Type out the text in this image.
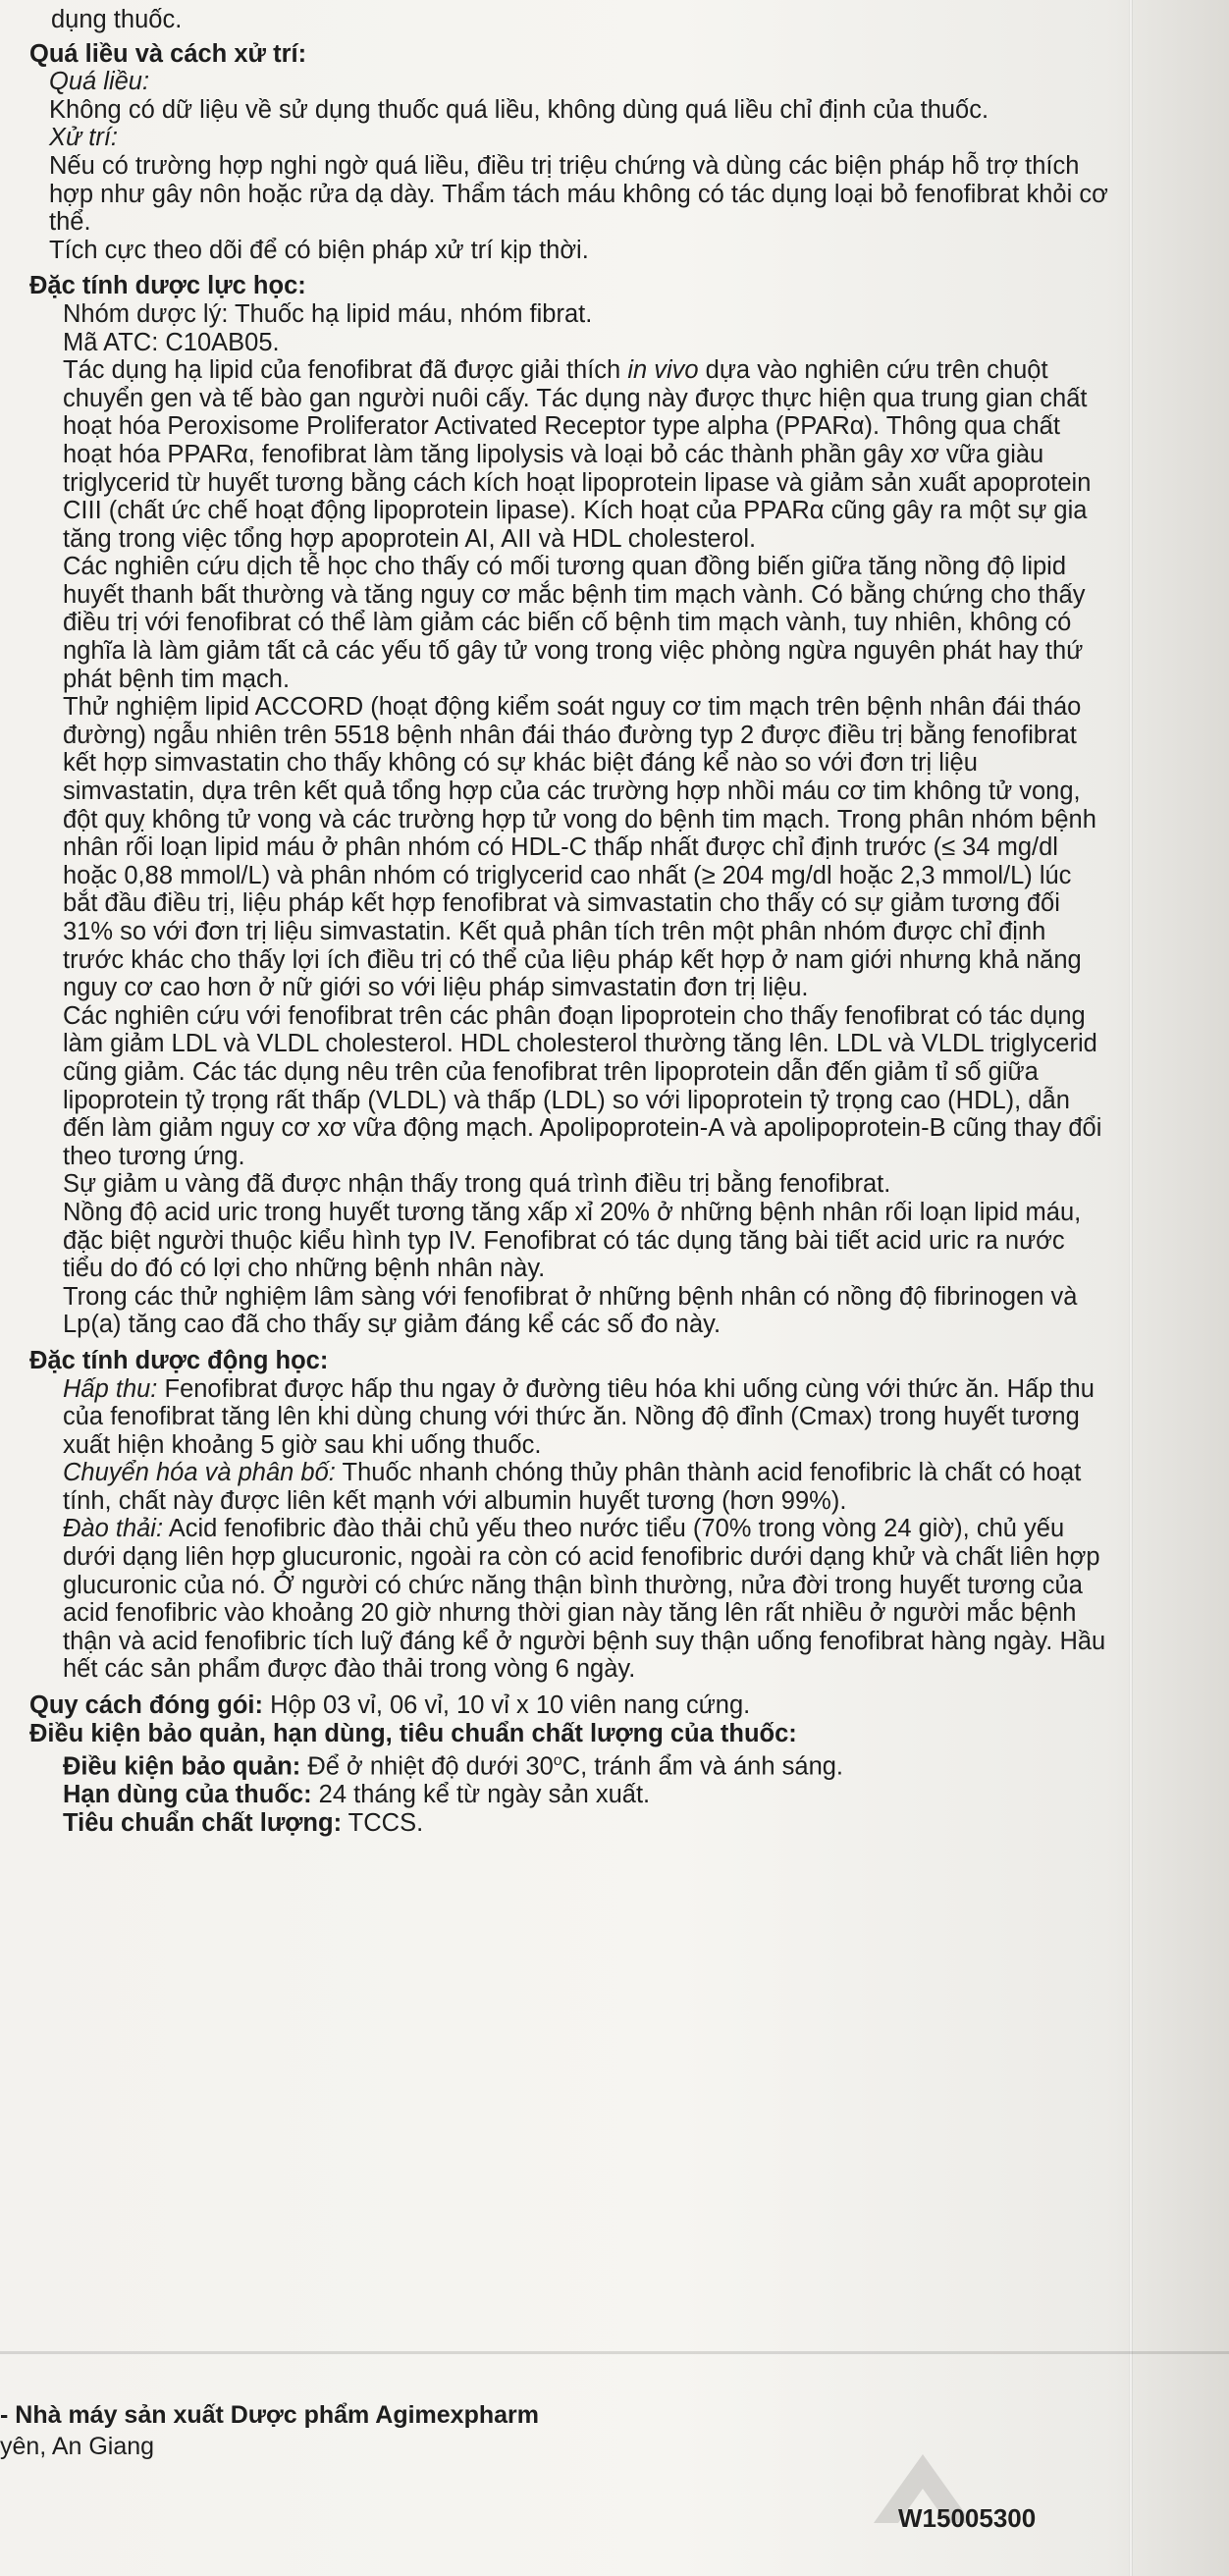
dụng thuốc.

Quá liều và cách xử trí:

Quá liều:

Không có dữ liệu về sử dụng thuốc quá liều, không dùng quá liều chỉ định của thuốc.

Xử trí:

Nếu có trường hợp nghi ngờ quá liều, điều trị triệu chứng và dùng các biện pháp hỗ trợ thích hợp như gây nôn hoặc rửa dạ dày. Thẩm tách máu không có tác dụng loại bỏ fenofibrat khỏi cơ thể.

Tích cực theo dõi để có biện pháp xử trí kịp thời.

Đặc tính dược lực học:

Nhóm dược lý: Thuốc hạ lipid máu, nhóm fibrat.

Mã ATC: C10AB05.

Tác dụng hạ lipid của fenofibrat đã được giải thích in vivo dựa vào nghiên cứu trên chuột chuyển gen và tế bào gan người nuôi cấy. Tác dụng này được thực hiện qua trung gian chất hoạt hóa Peroxisome Proliferator Activated Receptor type alpha (PPARα). Thông qua chất hoạt hóa PPARα, fenofibrat làm tăng lipolysis và loại bỏ các thành phần gây xơ vữa giàu triglycerid từ huyết tương bằng cách kích hoạt lipoprotein lipase và giảm sản xuất apoprotein CIII (chất ức chế hoạt động lipoprotein lipase). Kích hoạt của PPARα cũng gây ra một sự gia tăng trong việc tổng hợp apoprotein AI, AII và HDL cholesterol.

Các nghiên cứu dịch tễ học cho thấy có mối tương quan đồng biến giữa tăng nồng độ lipid huyết thanh bất thường và tăng nguy cơ mắc bệnh tim mạch vành. Có bằng chứng cho thấy điều trị với fenofibrat có thể làm giảm các biến cố bệnh tim mạch vành, tuy nhiên, không có nghĩa là làm giảm tất cả các yếu tố gây tử vong trong việc phòng ngừa nguyên phát hay thứ phát bệnh tim mạch.

Thử nghiệm lipid ACCORD (hoạt động kiểm soát nguy cơ tim mạch trên bệnh nhân đái tháo đường) ngẫu nhiên trên 5518 bệnh nhân đái tháo đường typ 2 được điều trị bằng fenofibrat kết hợp simvastatin cho thấy không có sự khác biệt đáng kể nào so với đơn trị liệu simvastatin, dựa trên kết quả tổng hợp của các trường hợp nhồi máu cơ tim không tử vong, đột quỵ không tử vong và các trường hợp tử vong do bệnh tim mạch. Trong phân nhóm bệnh nhân rối loạn lipid máu ở phân nhóm có HDL-C thấp nhất được chỉ định trước (≤ 34 mg/dl hoặc 0,88 mmol/L) và phân nhóm có triglycerid cao nhất (≥ 204 mg/dl hoặc 2,3 mmol/L) lúc bắt đầu điều trị, liệu pháp kết hợp fenofibrat và simvastatin cho thấy có sự giảm tương đối 31% so với đơn trị liệu simvastatin. Kết quả phân tích trên một phân nhóm được chỉ định trước khác cho thấy lợi ích điều trị có thể của liệu pháp kết hợp ở nam giới nhưng khả năng nguy cơ cao hơn ở nữ giới so với liệu pháp simvastatin đơn trị liệu.

Các nghiên cứu với fenofibrat trên các phân đoạn lipoprotein cho thấy fenofibrat có tác dụng làm giảm LDL và VLDL cholesterol. HDL cholesterol thường tăng lên. LDL và VLDL triglycerid cũng giảm. Các tác dụng nêu trên của fenofibrat trên lipoprotein dẫn đến giảm tỉ số giữa lipoprotein tỷ trọng rất thấp (VLDL) và thấp (LDL) so với lipoprotein tỷ trọng cao (HDL), dẫn đến làm giảm nguy cơ xơ vữa động mạch. Apolipoprotein-A và apolipoprotein-B cũng thay đổi theo tương ứng.

Sự giảm u vàng đã được nhận thấy trong quá trình điều trị bằng fenofibrat.

Nồng độ acid uric trong huyết tương tăng xấp xỉ 20% ở những bệnh nhân rối loạn lipid máu, đặc biệt người thuộc kiểu hình typ IV. Fenofibrat có tác dụng tăng bài tiết acid uric ra nước tiểu do đó có lợi cho những bệnh nhân này.

Trong các thử nghiệm lâm sàng với fenofibrat ở những bệnh nhân có nồng độ fibrinogen và Lp(a) tăng cao đã cho thấy sự giảm đáng kể các số đo này.

Đặc tính dược động học:

Hấp thu: Fenofibrat được hấp thu ngay ở đường tiêu hóa khi uống cùng với thức ăn. Hấp thu của fenofibrat tăng lên khi dùng chung với thức ăn. Nồng độ đỉnh (Cmax) trong huyết tương xuất hiện khoảng 5 giờ sau khi uống thuốc.

Chuyển hóa và phân bố: Thuốc nhanh chóng thủy phân thành acid fenofibric là chất có hoạt tính, chất này được liên kết mạnh với albumin huyết tương (hơn 99%).

Đào thải: Acid fenofibric đào thải chủ yếu theo nước tiểu (70% trong vòng 24 giờ), chủ yếu dưới dạng liên hợp glucuronic, ngoài ra còn có acid fenofibric dưới dạng khử và chất liên hợp glucuronic của nó. Ở người có chức năng thận bình thường, nửa đời trong huyết tương của acid fenofibric vào khoảng 20 giờ nhưng thời gian này tăng lên rất nhiều ở người mắc bệnh thận và acid fenofibric tích luỹ đáng kể ở người bệnh suy thận uống fenofibrat hàng ngày. Hầu hết các sản phẩm được đào thải trong vòng 6 ngày.

Quy cách đóng gói: Hộp 03 vỉ, 06 vỉ, 10 vỉ x 10 viên nang cứng.

Điều kiện bảo quản, hạn dùng, tiêu chuẩn chất lượng của thuốc:

Điều kiện bảo quản: Để ở nhiệt độ dưới 30$^o$C, tránh ẩm và ánh sáng.

Hạn dùng của thuốc: 24 tháng kể từ ngày sản xuất.

Tiêu chuẩn chất lượng: TCCS.

- Nhà máy sản xuất Dược phẩm Agimexpharm
yên, An Giang
W15005300
